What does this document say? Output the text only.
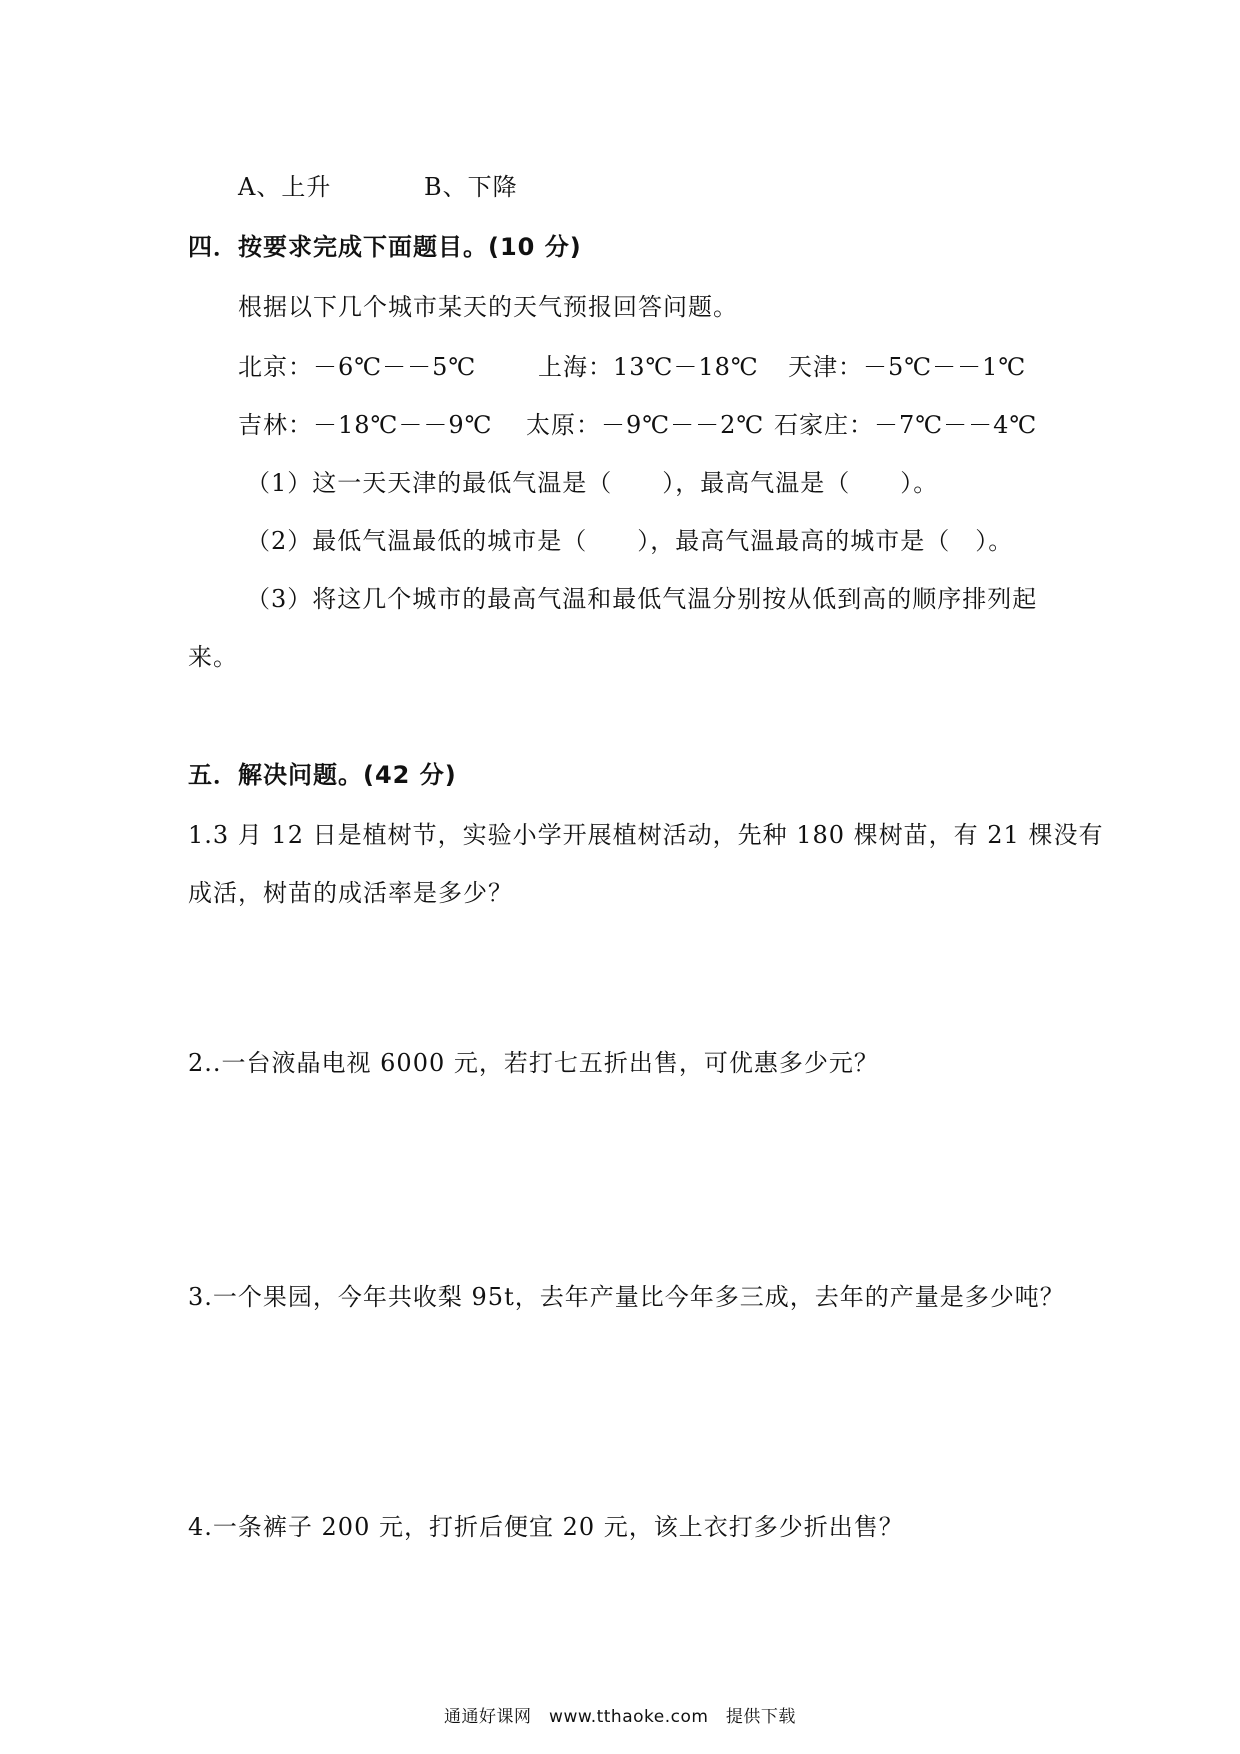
A、上升	B、下降
四．按要求完成下面题目。(10 分)
根据以下几个城市某天的天气预报回答问题。
北京：－6℃－－5℃	上海：13℃－18℃ 天津：－5℃－－1℃
吉林：－18℃－－9℃ 太原：－9℃－－2℃ 石家庄：－7℃－－4℃
（1）这一天天津的最低气温是（　　），最高气温是（　　）。
（2）最低气温最低的城市是（　　），最高气温最高的城市是（　）。
（3）将这几个城市的最高气温和最低气温分别按从低到高的顺序排列起
来。
五．解决问题。(42 分)
1.3 月 12 日是植树节，实验小学开展植树活动，先种 180 棵树苗，有 21 棵没有
成活，树苗的成活率是多少？
2..一台液晶电视 6000 元，若打七五折出售，可优惠多少元？
3.一个果园，今年共收梨 95t，去年产量比今年多三成，去年的产量是多少吨？
4.一条裤子 200 元，打折后便宜 20 元，该上衣打多少折出售？
通通好课网　www.tthaoke.com　提供下载
